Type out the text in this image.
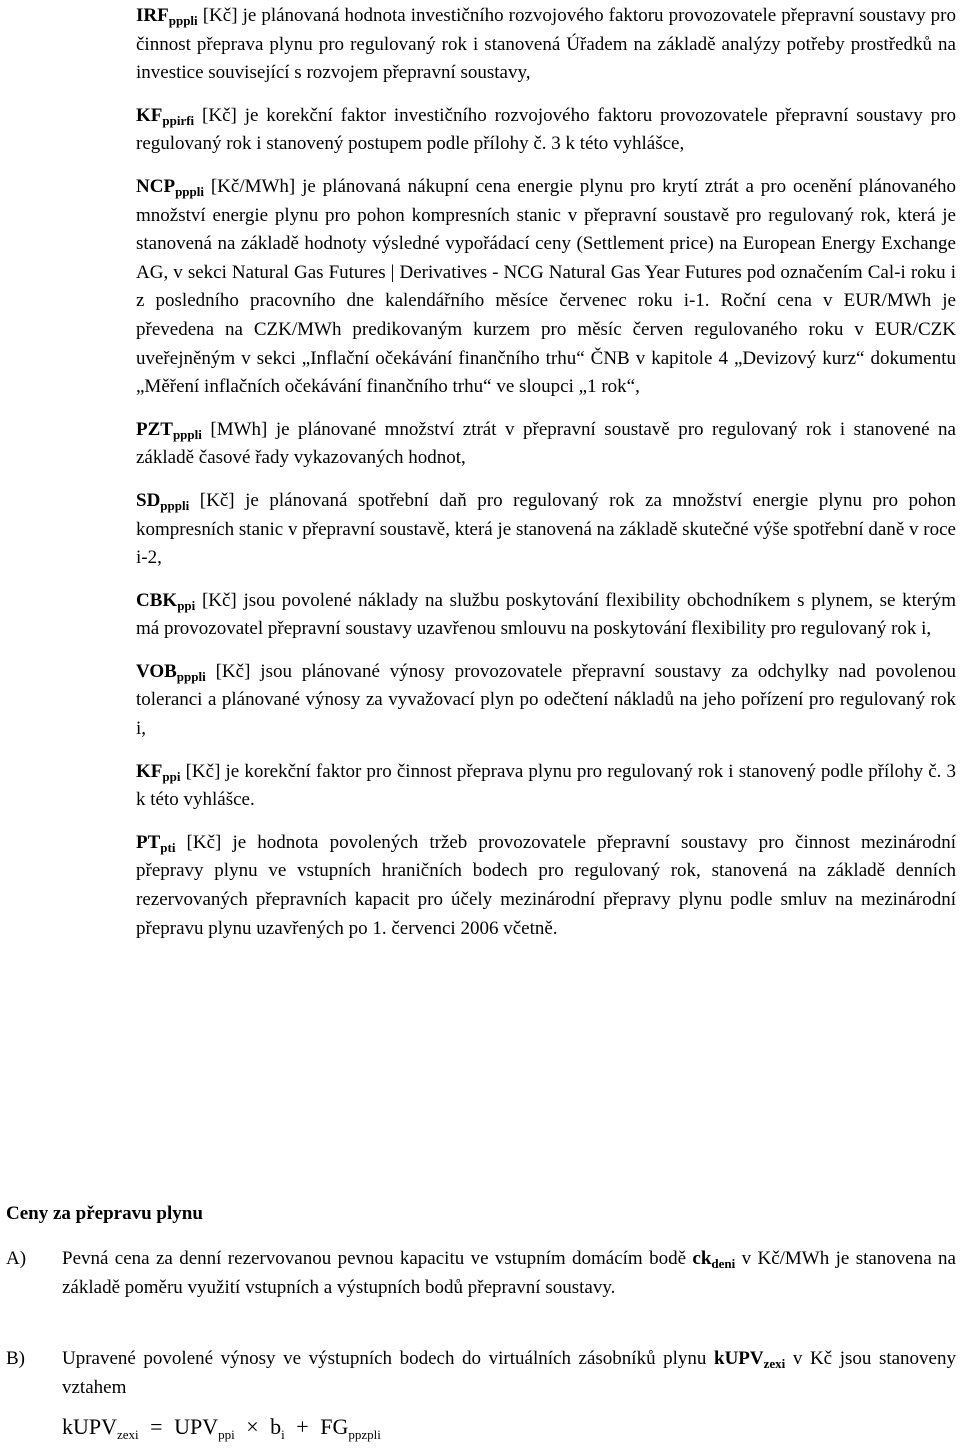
$IRF_{pppli}$ [Kč] je plánovaná hodnota investičního rozvojového faktoru provozovatele přepravní soustavy pro činnost přeprava plynu pro regulovaný rok i stanovená Úřadem na základě analýzy potřeby prostředků na investice související s rozvojem přepravní soustavy,

$KF_{ppirfi}$ [Kč] je korekční faktor investičního rozvojového faktoru provozovatele přepravní soustavy pro regulovaný rok i stanovený postupem podle přílohy č. 3 k této vyhlášce,

$NCP_{pppli}$ [Kč/MWh] je plánovaná nákupní cena energie plynu pro krytí ztrát a pro ocenění plánovaného množství energie plynu pro pohon kompresních stanic v přepravní soustavě pro regulovaný rok, která je stanovená na základě hodnoty výsledné vypořádací ceny (Settlement price) na European Energy Exchange AG, v sekci Natural Gas Futures | Derivatives - NCG Natural Gas Year Futures pod označením Cal-i roku i z posledního pracovního dne kalendářního měsíce červenec roku i-1. Roční cena v EUR/MWh je převedena na CZK/MWh predikovaným kurzem pro měsíc červen regulovaného roku v EUR/CZK uveřejněným v sekci „Inflační očekávání finančního trhu“ ČNB v kapitole 4 „Devizový kurz“ dokumentu „Měření inflačních očekávání finančního trhu“ ve sloupci „1 rok“,

$PZT_{pppli}$ [MWh] je plánované množství ztrát v přepravní soustavě pro regulovaný rok i stanovené na základě časové řady vykazovaných hodnot,

$SD_{pppli}$ [Kč] je plánovaná spotřební daň pro regulovaný rok za množství energie plynu pro pohon kompresních stanic v přepravní soustavě, která je stanovená na základě skutečné výše spotřební daně v roce i-2,

$CBK_{ppi}$ [Kč] jsou povolené náklady na službu poskytování flexibility obchodníkem s plynem, se kterým má provozovatel přepravní soustavy uzavřenou smlouvu na poskytování flexibility pro regulovaný rok i,

$VOB_{pppli}$ [Kč] jsou plánované výnosy provozovatele přepravní soustavy za odchylky nad povolenou toleranci a plánované výnosy za vyvažovací plyn po odečtení nákladů na jeho pořízení pro regulovaný rok i,

$KF_{ppi}$ [Kč] je korekční faktor pro činnost přeprava plynu pro regulovaný rok i stanovený podle přílohy č. 3 k této vyhlášce.

$PT_{pti}$ [Kč] je hodnota povolených tržeb provozovatele přepravní soustavy pro činnost mezinárodní přepravy plynu ve vstupních hraničních bodech pro regulovaný rok, stanovená na základě denních rezervovaných přepravních kapacit pro účely mezinárodní přepravy plynu podle smluv na mezinárodní přepravu plynu uzavřených po 1. červenci 2006 včetně.

Ceny za přepravu plynu
A) Pevná cena za denní rezervovanou pevnou kapacitu ve vstupním domácím bodě $ck_{deni}$ v Kč/MWh je stanovena na základě poměru využití vstupních a výstupních bodů přepravní soustavy.
B) Upravené povolené výnosy ve výstupních bodech do virtuálních zásobníků plynu kUPV$_{zexi}$ v Kč jsou stanoveny vztahem
kUPV$_{zexi}$ = $UPV_{ppi} \times b_i + FG_{ppzpli}$
